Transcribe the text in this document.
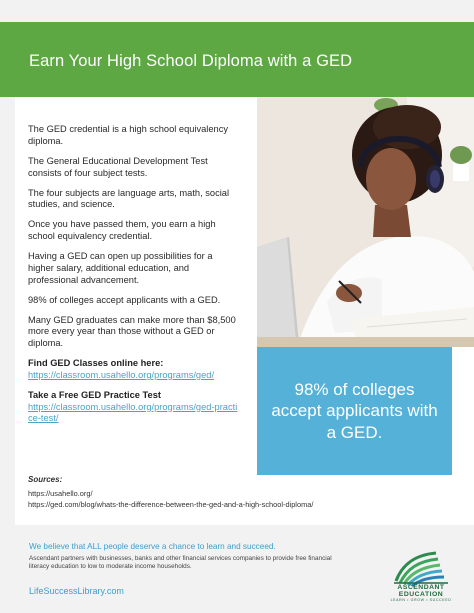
Earn Your High School Diploma with a GED

The GED credential is a high school equivalency diploma.

The General Educational Development Test consists of four subject tests.

The four subjects are language arts, math, social studies, and science.

Once you have passed them, you earn a high school equivalency credential.

Having a GED can open up possibilities for a higher salary, additional education, and professional advancement.

98% of colleges accept applicants with a GED.

Many GED graduates can make more than $8,500 more every year than those without a GED or diploma.

Find GED Classes online here:
https://classroom.usahello.org/programs/ged/
Take a Free GED Practice Test
https://classroom.usahello.org/programs/ged-practice-test/
98% of colleges accept applicants with a GED.

Sources:

https://usahello.org/

https://ged.com/blog/whats-the-difference-between-the-ged-and-a-high-school-diploma/

We believe that ALL people deserve a chance to learn and succeed.
Ascendant partners with businesses, banks and other financial services companies to provide free financial literacy education to low to moderate income households.
LifeSuccessLibrary.com	ASCENDANT
EDUCATION
LEARN • GROW • SUCCEED
